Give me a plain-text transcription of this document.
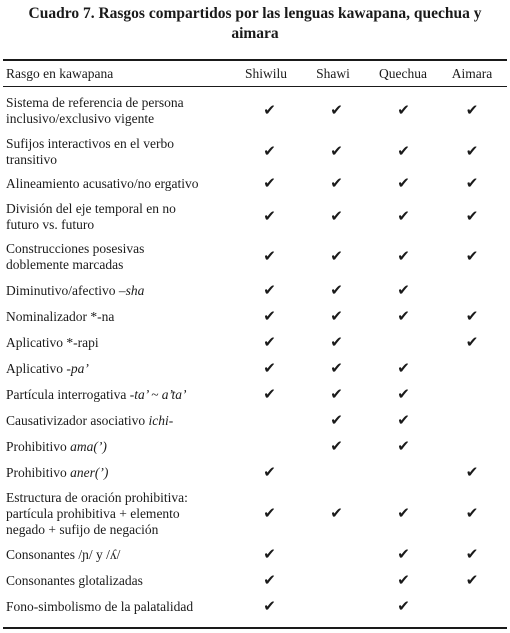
Cuadro 7. Rasgos compartidos por las lenguas kawapana, quechua y
aimara
Rasgo en kawapana	Shiwilu	Shawi	Quechua	Aimara
Sistema de referencia de persona
inclusivo/exclusivo vigente	✔	✔	✔	✔

Sufijos interactivos en el verbo
transitivo	✔	✔	✔	✔

Alineamiento acusativo/no ergativo	✔	✔	✔	✔

División del eje temporal en no
futuro vs. futuro	✔	✔	✔	✔

Construcciones posesivas
doblemente marcadas	✔	✔	✔	✔

Diminutivo/afectivo –sha	✔	✔	✔	

Nominalizador *-na	✔	✔	✔	✔

Aplicativo *-rapi	✔	✔		✔

Aplicativo -pa’	✔	✔	✔	

Partícula interrogativa -ta’ ~ a’ta’	✔	✔	✔	

Causativizador asociativo ichi-		✔	✔	

Prohibitivo ama(’)		✔	✔	

Prohibitivo aner(’)	✔			✔

Estructura de oración prohibitiva:
partícula prohibitiva + elemento
negado + sufijo de negación	✔	✔	✔	✔

Consonantes /ɲ/ y /ʎ/	✔		✔	✔

Consonantes glotalizadas	✔		✔	✔

Fono-simbolismo de la palatalidad	✔		✔	
